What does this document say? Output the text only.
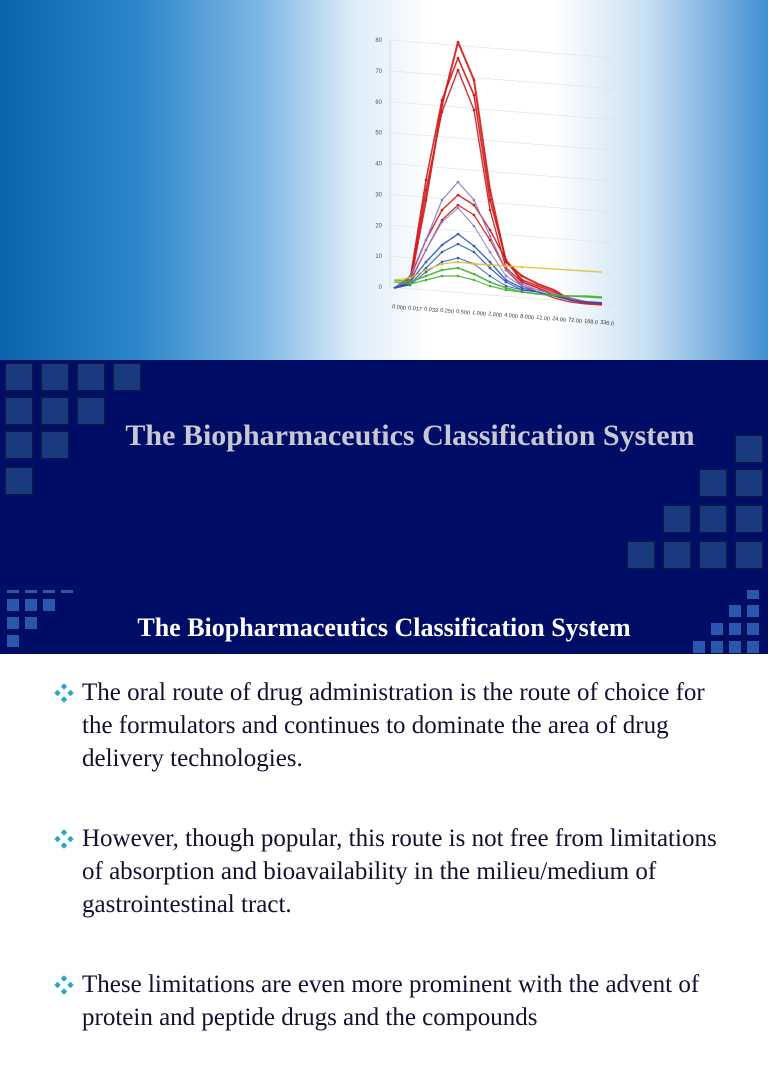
80
70
60
50
40
30
20
10
0
0.000 0.017 0.033 0.250 0.500 1.000 2.000 4.000 8.000 12.00 24.00 72.00 168.0 336.0
The Biopharmaceutics Classification System
The Biopharmaceutics Classification System
The oral route of drug administration is the route of choice for the formulators and continues to dominate the area of drug delivery technologies.
However, though popular, this route is not free from limitations of absorption and bioavailability in the milieu/medium of gastrointestinal tract.
These limitations are even more prominent with the advent of protein and peptide drugs and the compounds
